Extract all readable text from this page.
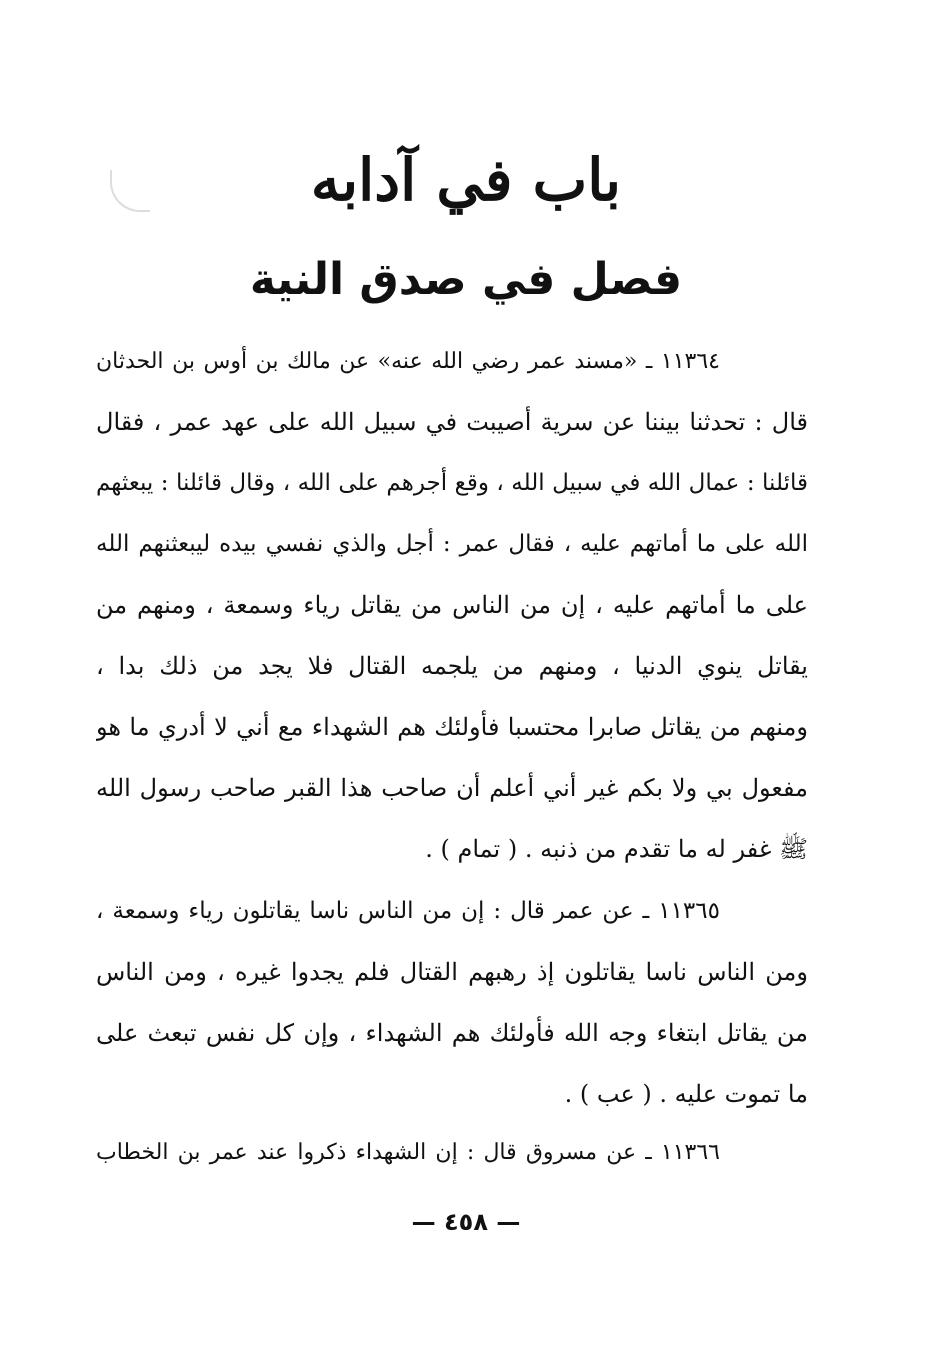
باب في آدابه
فصل في صدق النية
١١٣٦٤ ـ «مسند عمر رضي الله عنه» عن مالك بن أوس بن الحدثان
قال : تحدثنا بيننا عن سرية أصيبت في سبيل الله على عهد عمر ، فقال
قائلنا : عمال الله في سبيل الله ، وقع أجرهم على الله ، وقال قائلنا : يبعثهم
الله على ما أماتهم عليه ، فقال عمر : أجل والذي نفسي بيده ليبعثنهم الله
على ما أماتهم عليه ، إن من الناس من يقاتل رياء وسمعة ، ومنهم من
يقاتل ينوي الدنيا ، ومنهم من يلجمه القتال فلا يجد من ذلك بدا ،
ومنهم من يقاتل صابرا محتسبا فأولئك هم الشهداء مع أني لا أدري ما هو
مفعول بي ولا بكم غير أني أعلم أن صاحب هذا القبر صاحب رسول الله
ﷺ غفر له ما تقدم من ذنبه . ( تمام ) .
١١٣٦٥ ـ عن عمر قال : إن من الناس ناسا يقاتلون رياء وسمعة ،
ومن الناس ناسا يقاتلون إذ رهبهم القتال فلم يجدوا غيره ، ومن الناس
من يقاتل ابتغاء وجه الله فأولئك هم الشهداء ، وإن كل نفس تبعث على
ما تموت عليه . ( عب ) .
١١٣٦٦ ـ عن مسروق قال : إن الشهداء ذكروا عند عمر بن الخطاب
— ٤٥٨ —
